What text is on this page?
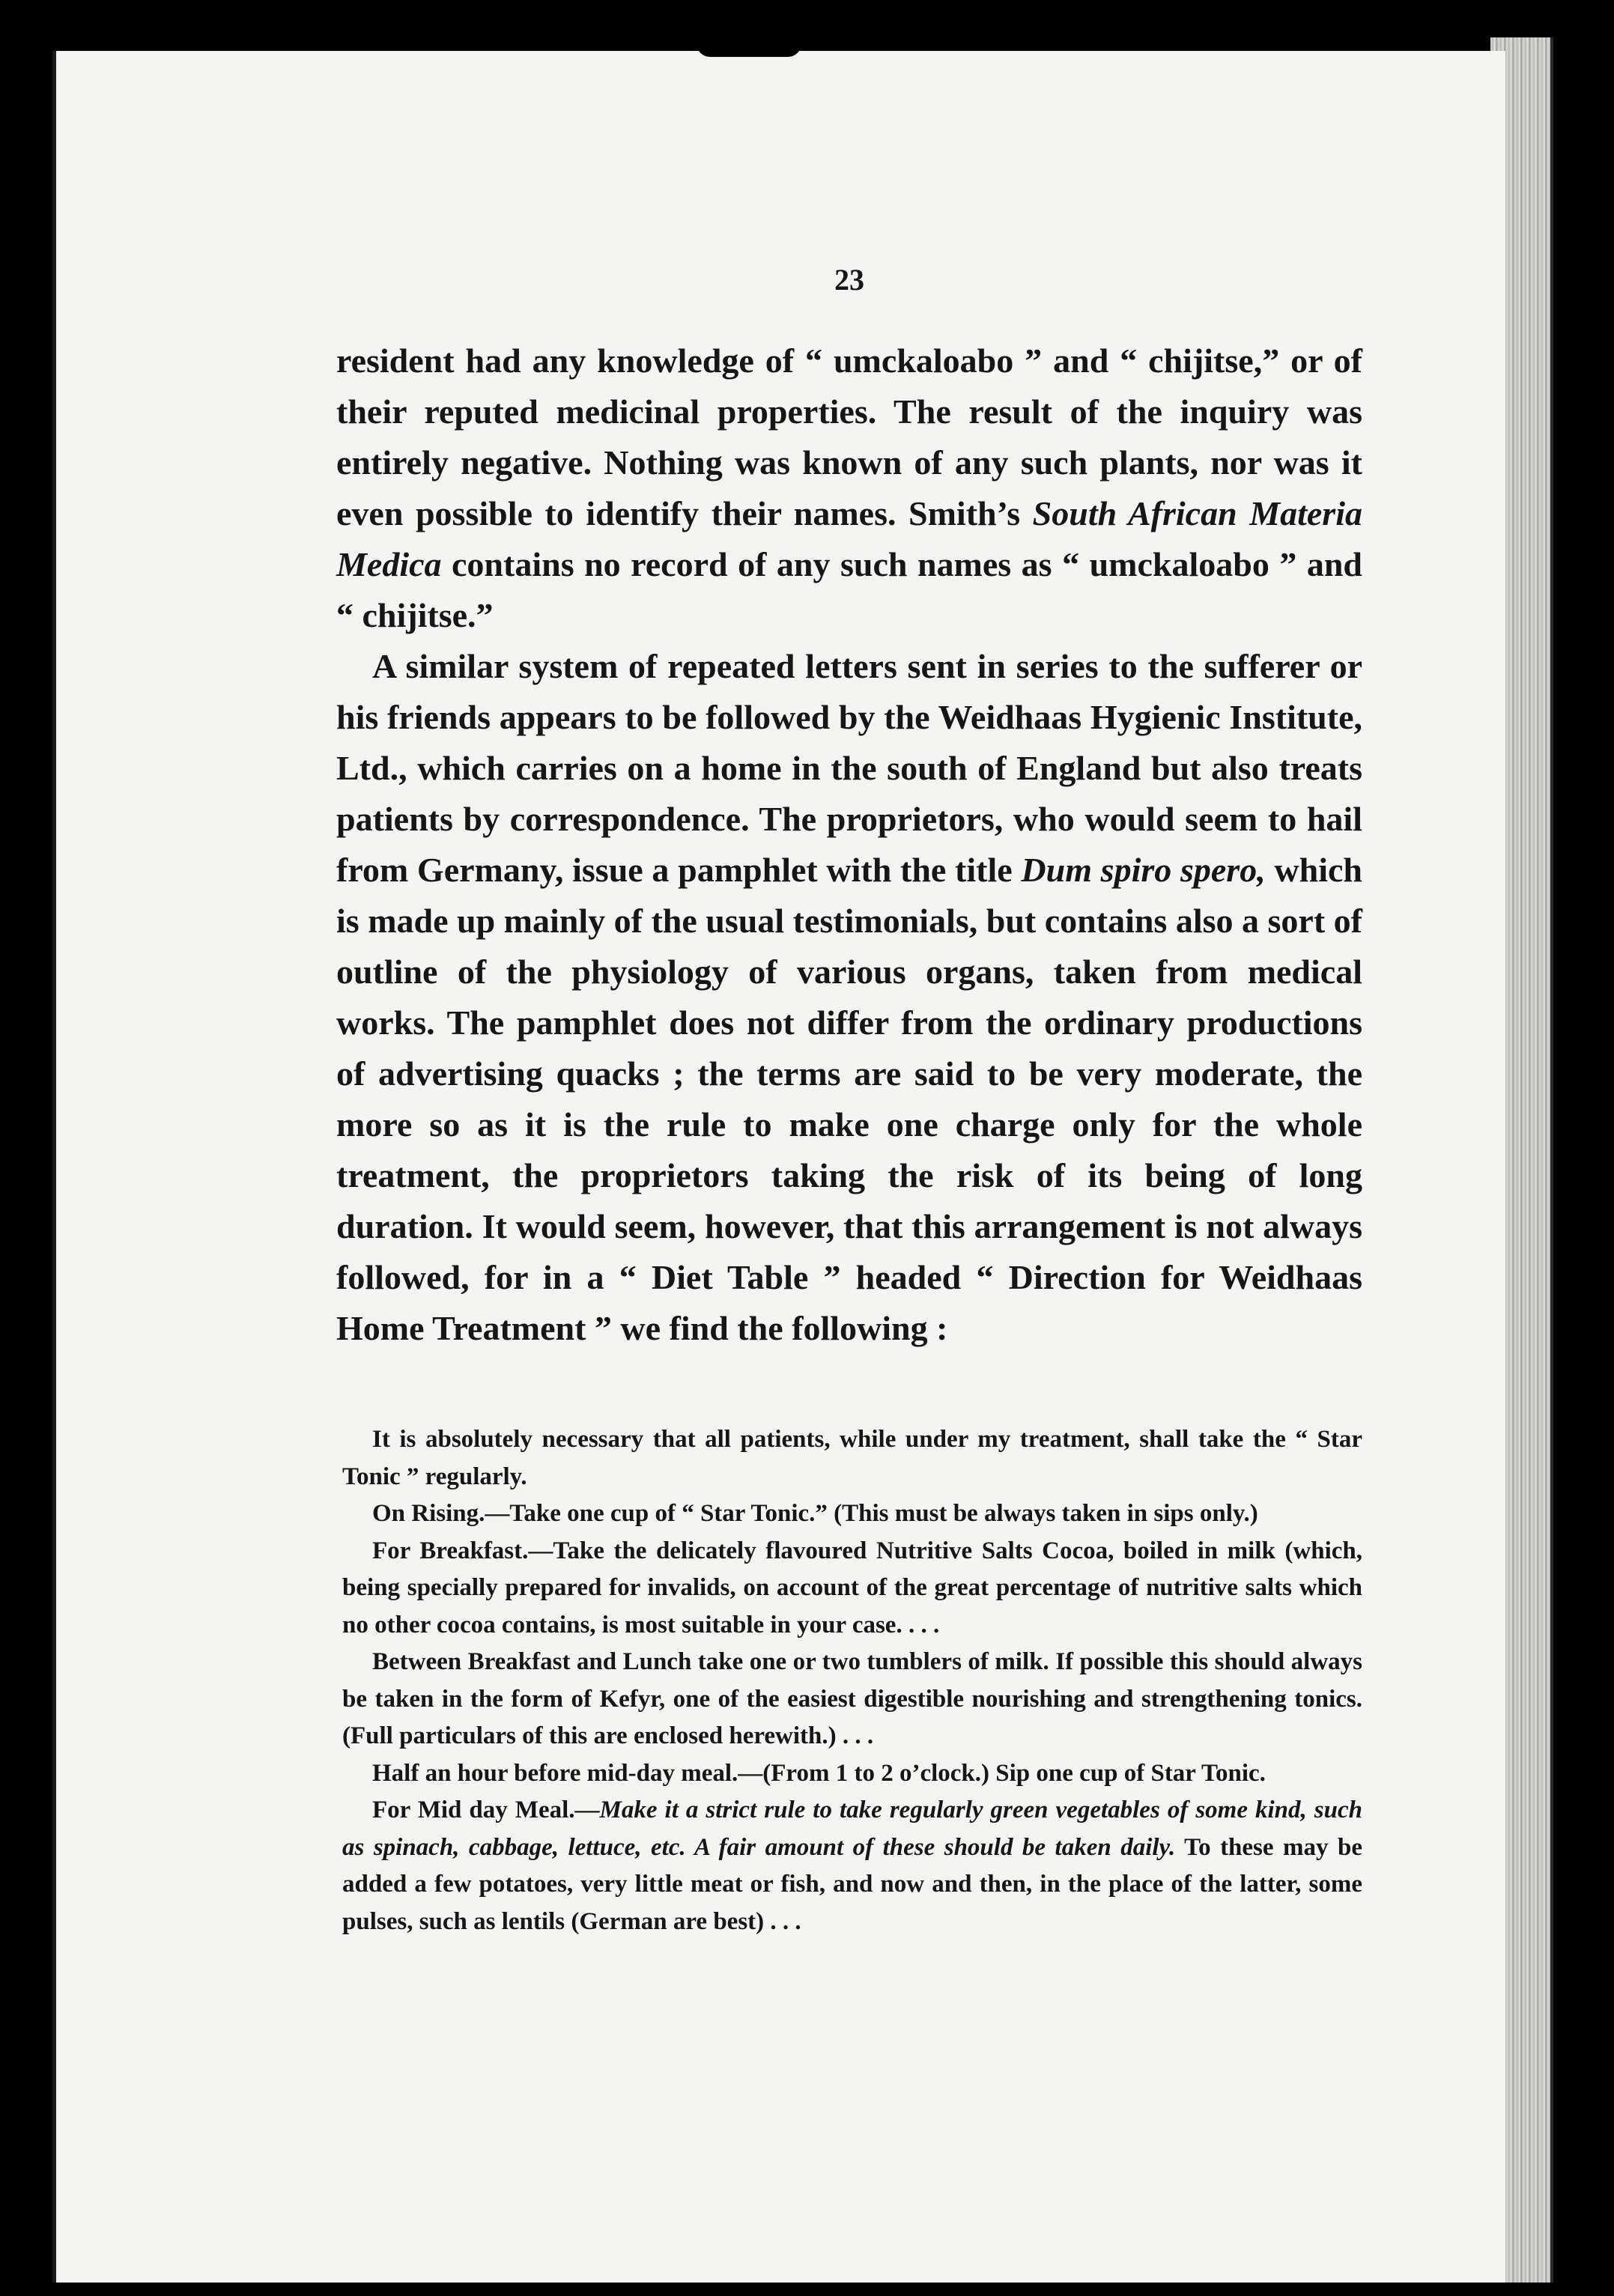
23

resident had any knowledge of “ umckaloabo ” and “ chijitse,” or of their reputed medicinal properties. The result of the inquiry was entirely negative. Nothing was known of any such plants, nor was it even possible to identify their names. Smith’s South African Materia Medica contains no record of any such names as “ umckaloabo ” and “ chijitse.”

A similar system of repeated letters sent in series to the sufferer or his friends appears to be followed by the Weidhaas Hygienic Institute, Ltd., which carries on a home in the south of England but also treats patients by correspondence. The proprietors, who would seem to hail from Germany, issue a pamphlet with the title Dum spiro spero, which is made up mainly of the usual testimonials, but contains also a sort of outline of the physiology of various organs, taken from medical works. The pamphlet does not differ from the ordinary productions of advertising quacks ; the terms are said to be very moderate, the more so as it is the rule to make one charge only for the whole treatment, the proprietors taking the risk of its being of long duration. It would seem, however, that this arrangement is not always followed, for in a “ Diet Table ” headed “ Direction for Weidhaas Home Treatment ” we find the following :

It is absolutely necessary that all patients, while under my treatment, shall take the “ Star Tonic ” regularly.

On Rising.—Take one cup of “ Star Tonic.” (This must be always taken in sips only.)

For Breakfast.—Take the delicately flavoured Nutritive Salts Cocoa, boiled in milk (which, being specially prepared for invalids, on account of the great percentage of nutritive salts which no other cocoa contains, is most suitable in your case. . . .

Between Breakfast and Lunch take one or two tumblers of milk. If possible this should always be taken in the form of Kefyr, one of the easiest digestible nourishing and strengthening tonics. (Full particulars of this are enclosed herewith.) . . .

Half an hour before mid-day meal.—(From 1 to 2 o’clock.) Sip one cup of Star Tonic.

For Mid day Meal.—Make it a strict rule to take regularly green vegetables of some kind, such as spinach, cabbage, lettuce, etc. A fair amount of these should be taken daily. To these may be added a few potatoes, very little meat or fish, and now and then, in the place of the latter, some pulses, such as lentils (German are best) . . .
